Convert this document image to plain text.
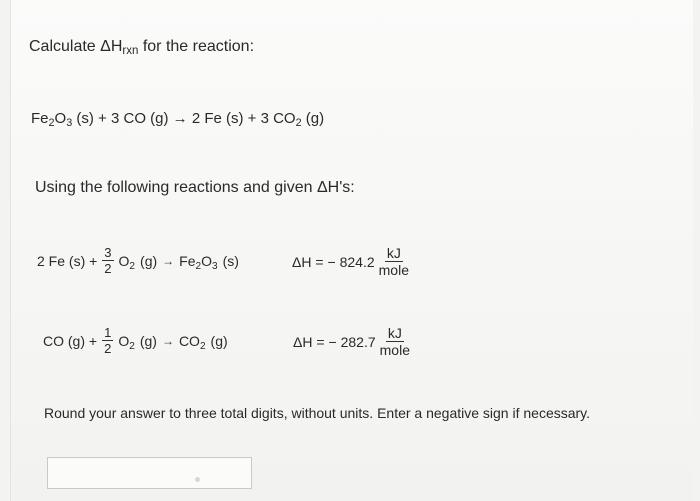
Calculate $\Delta H_{rxn}$ for the reaction:
$Fe_2O_3$ (s) + 3 CO (g) → 2 Fe (s) + 3 $CO_2$ (g)
Using the following reactions and given ΔH's:
2 Fe $(s) + \frac{3}{2} O_2$ $(g) \to Fe_2O_3$ (s)	ΔH = − $824.2 \frac{kJ}{\text{mole}}$
CO $(g) + \frac{1}{2} O_2$ $(g) \to CO_2$ (g)	ΔH = − $282.7 \frac{kJ}{\text{mole}}$
Round your answer to three total digits, without units. Enter a negative sign if necessary.
